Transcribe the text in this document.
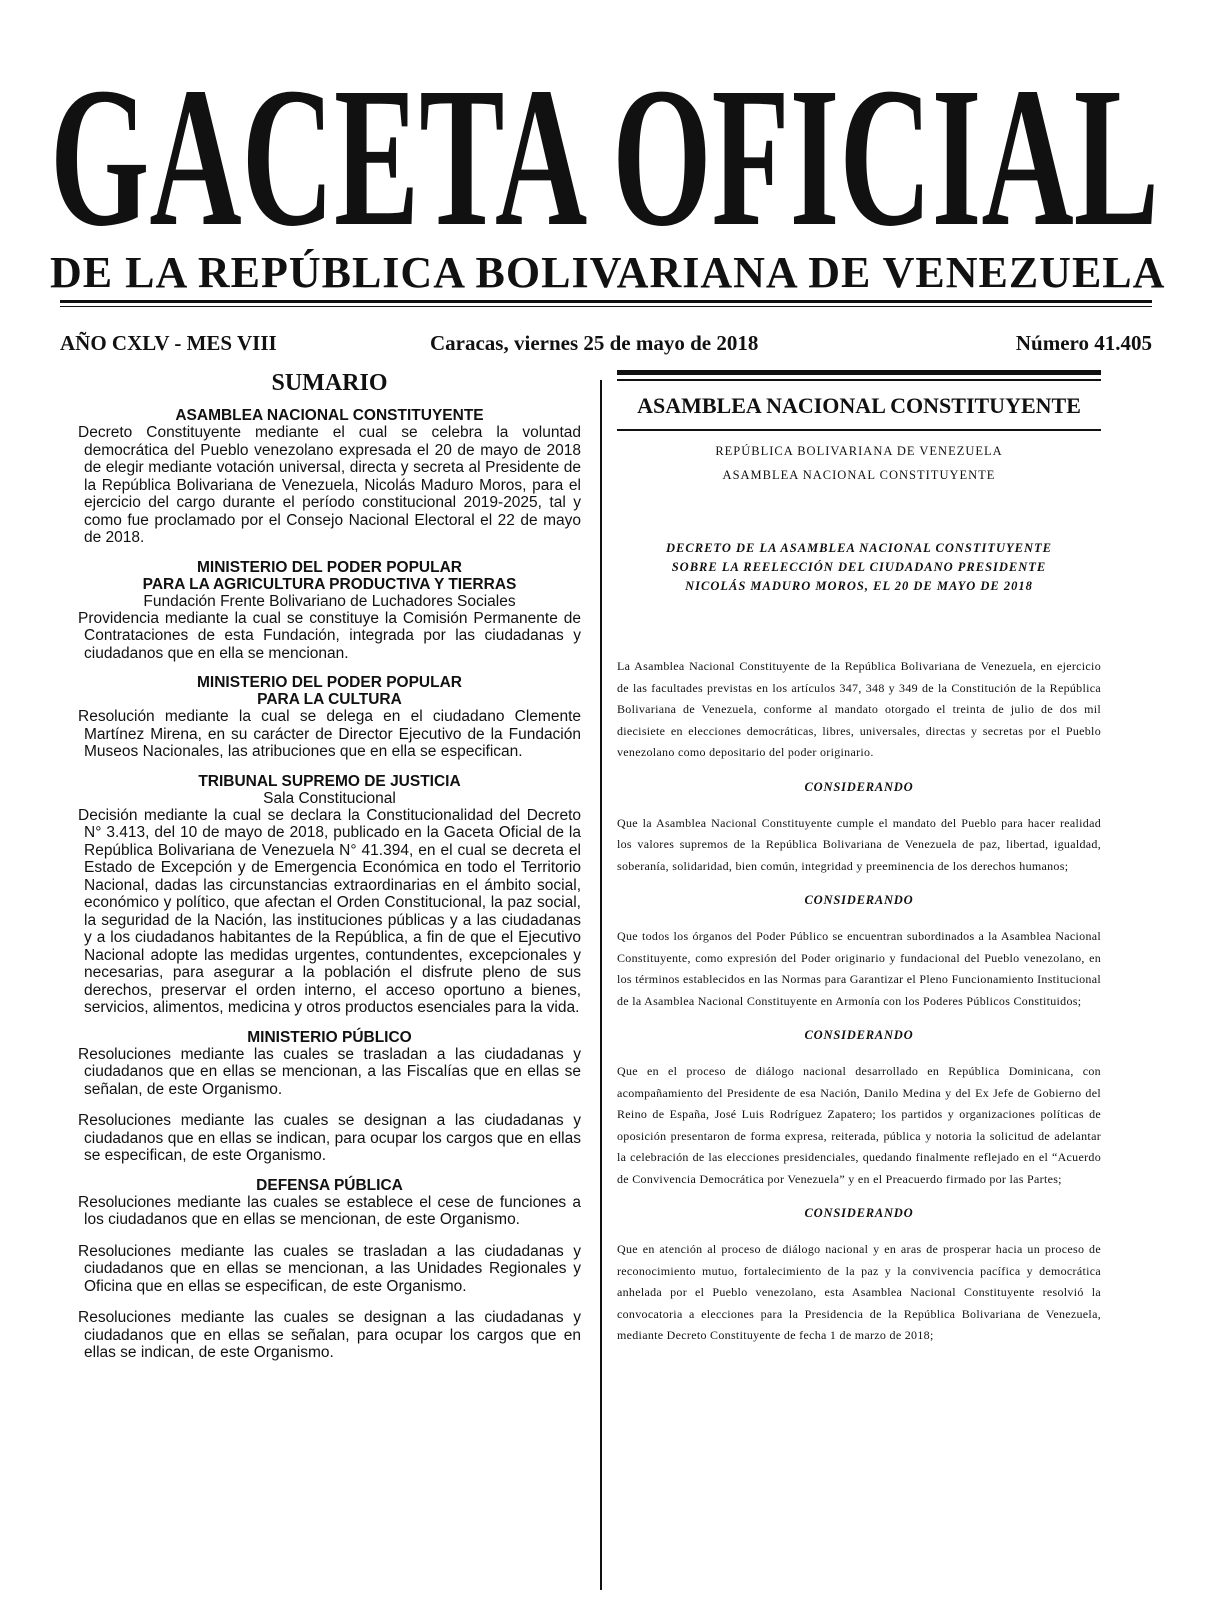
GACETA OFICIAL
DE LA REPÚBLICA BOLIVARIANA DE VENEZUELA
AÑO CXLV - MES VIII	Caracas, viernes 25 de mayo de 2018	Número 41.405
SUMARIO
ASAMBLEA NACIONAL CONSTITUYENTE

Decreto Constituyente mediante el cual se celebra la voluntad democrática del Pueblo venezolano expresada el 20 de mayo de 2018 de elegir mediante votación universal, directa y secreta al Presidente de la República Bolivariana de Venezuela, Nicolás Maduro Moros, para el ejercicio del cargo durante el período constitucional 2019-2025, tal y como fue proclamado por el Consejo Nacional Electoral el 22 de mayo de 2018.

MINISTERIO DEL PODER POPULAR
PARA LA AGRICULTURA PRODUCTIVA Y TIERRAS
Fundación Frente Bolivariano de Luchadores Sociales

Providencia mediante la cual se constituye la Comisión Permanente de Contrataciones de esta Fundación, integrada por las ciudadanas y ciudadanos que en ella se mencionan.

MINISTERIO DEL PODER POPULAR
PARA LA CULTURA

Resolución mediante la cual se delega en el ciudadano Clemente Martínez Mirena, en su carácter de Director Ejecutivo de la Fundación Museos Nacionales, las atribuciones que en ella se especifican.

TRIBUNAL SUPREMO DE JUSTICIA
Sala Constitucional

Decisión mediante la cual se declara la Constitucionalidad del Decreto N° 3.413, del 10 de mayo de 2018, publicado en la Gaceta Oficial de la República Bolivariana de Venezuela N° 41.394, en el cual se decreta el Estado de Excepción y de Emergencia Económica en todo el Territorio Nacional, dadas las circunstancias extraordinarias en el ámbito social, económico y político, que afectan el Orden Constitucional, la paz social, la seguridad de la Nación, las instituciones públicas y a las ciudadanas y a los ciudadanos habitantes de la República, a fin de que el Ejecutivo Nacional adopte las medidas urgentes, contundentes, excepcionales y necesarias, para asegurar a la población el disfrute pleno de sus derechos, preservar el orden interno, el acceso oportuno a bienes, servicios, alimentos, medicina y otros productos esenciales para la vida.

MINISTERIO PÚBLICO

Resoluciones mediante las cuales se trasladan a las ciudadanas y ciudadanos que en ellas se mencionan, a las Fiscalías que en ellas se señalan, de este Organismo.

Resoluciones mediante las cuales se designan a las ciudadanas y ciudadanos que en ellas se indican, para ocupar los cargos que en ellas se especifican, de este Organismo.

DEFENSA PÚBLICA

Resoluciones mediante las cuales se establece el cese de funciones a los ciudadanos que en ellas se mencionan, de este Organismo.

Resoluciones mediante las cuales se trasladan a las ciudadanas y ciudadanos que en ellas se mencionan, a las Unidades Regionales y Oficina que en ellas se especifican, de este Organismo.

Resoluciones mediante las cuales se designan a las ciudadanas y ciudadanos que en ellas se señalan, para ocupar los cargos que en ellas se indican, de este Organismo.

ASAMBLEA NACIONAL CONSTITUYENTE
REPÚBLICA BOLIVARIANA DE VENEZUELA
ASAMBLEA NACIONAL CONSTITUYENTE
DECRETO DE LA ASAMBLEA NACIONAL CONSTITUYENTE
SOBRE LA REELECCIÓN DEL CIUDADANO PRESIDENTE
NICOLÁS MADURO MOROS, EL 20 DE MAYO DE 2018

La Asamblea Nacional Constituyente de la República Bolivariana de Venezuela, en ejercicio de las facultades previstas en los artículos 347, 348 y 349 de la Constitución de la República Bolivariana de Venezuela, conforme al mandato otorgado el treinta de julio de dos mil diecisiete en elecciones democráticas, libres, universales, directas y secretas por el Pueblo venezolano como depositario del poder originario.

CONSIDERANDO

Que la Asamblea Nacional Constituyente cumple el mandato del Pueblo para hacer realidad los valores supremos de la República Bolivariana de Venezuela de paz, libertad, igualdad, soberanía, solidaridad, bien común, integridad y preeminencia de los derechos humanos;

CONSIDERANDO

Que todos los órganos del Poder Público se encuentran subordinados a la Asamblea Nacional Constituyente, como expresión del Poder originario y fundacional del Pueblo venezolano, en los términos establecidos en las Normas para Garantizar el Pleno Funcionamiento Institucional de la Asamblea Nacional Constituyente en Armonía con los Poderes Públicos Constituidos;

CONSIDERANDO

Que en el proceso de diálogo nacional desarrollado en República Dominicana, con acompañamiento del Presidente de esa Nación, Danilo Medina y del Ex Jefe de Gobierno del Reino de España, José Luis Rodríguez Zapatero; los partidos y organizaciones políticas de oposición presentaron de forma expresa, reiterada, pública y notoria la solicitud de adelantar la celebración de las elecciones presidenciales, quedando finalmente reflejado en el “Acuerdo de Convivencia Democrática por Venezuela” y en el Preacuerdo firmado por las Partes;

CONSIDERANDO

Que en atención al proceso de diálogo nacional y en aras de prosperar hacia un proceso de reconocimiento mutuo, fortalecimiento de la paz y la convivencia pacífica y democrática anhelada por el Pueblo venezolano, esta Asamblea Nacional Constituyente resolvió la convocatoria a elecciones para la Presidencia de la República Bolivariana de Venezuela, mediante Decreto Constituyente de fecha 1 de marzo de 2018;
